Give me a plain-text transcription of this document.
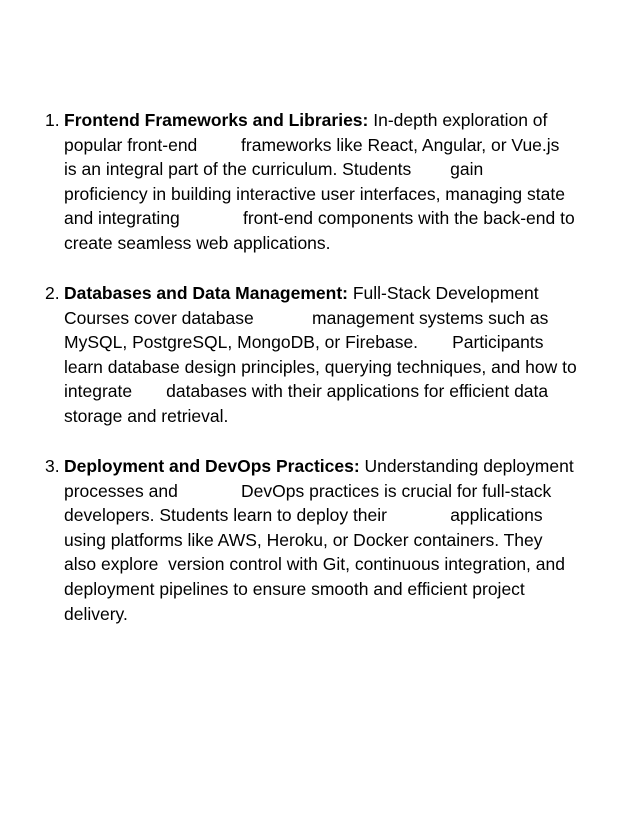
1. Frontend Frameworks and Libraries: In-depth exploration of
popular front-end         frameworks like React, Angular, or Vue.js
is an integral part of the curriculum. Students        gain
proficiency in building interactive user interfaces, managing state
and integrating             front-end components with the back-end to
create seamless web applications.
2. Databases and Data Management: Full-Stack Development
Courses cover database            management systems such as
MySQL, PostgreSQL, MongoDB, or Firebase.       Participants
learn database design principles, querying techniques, and how to
integrate       databases with their applications for efficient data
storage and retrieval.
3. Deployment and DevOps Practices: Understanding deployment
processes and             DevOps practices is crucial for full-stack
developers. Students learn to deploy their             applications
using platforms like AWS, Heroku, or Docker containers. They
also explore  version control with Git, continuous integration, and
deployment pipelines to ensure smooth and efficient project
delivery.
